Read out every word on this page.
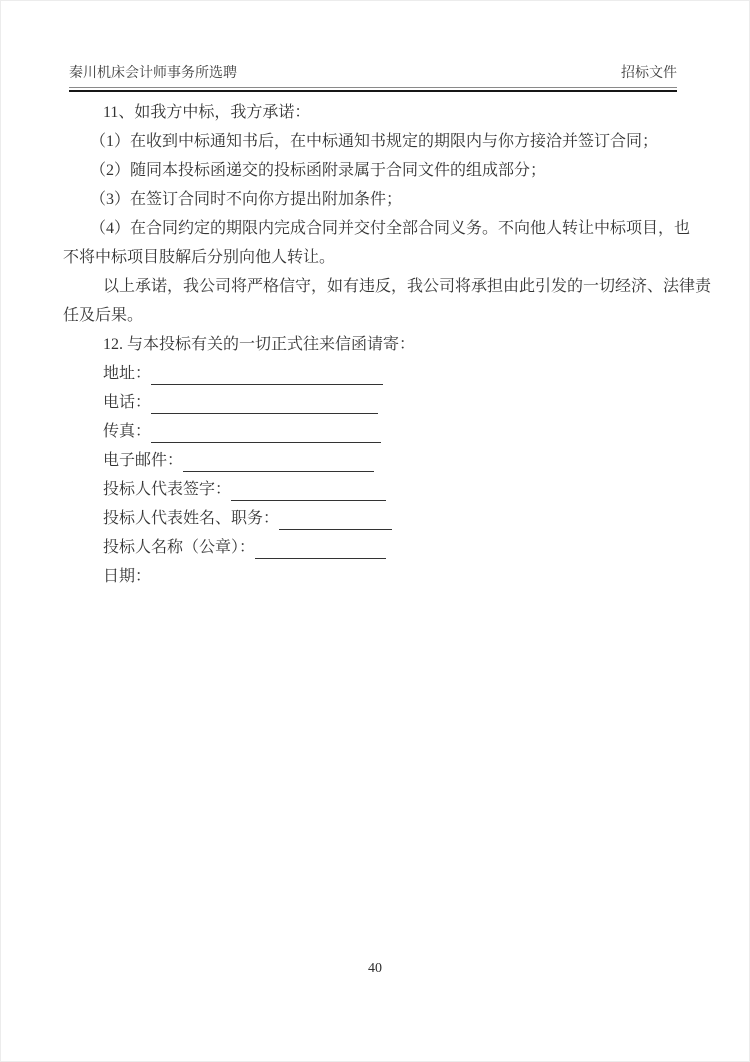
秦川机床会计师事务所选聘	招标文件
11、如我方中标，我方承诺：
（1）在收到中标通知书后，在中标通知书规定的期限内与你方接洽并签订合同；
（2）随同本投标函递交的投标函附录属于合同文件的组成部分；
（3）在签订合同时不向你方提出附加条件；
（4）在合同约定的期限内完成合同并交付全部合同义务。不向他人转让中标项目，也
不将中标项目肢解后分别向他人转让。
以上承诺，我公司将严格信守，如有违反，我公司将承担由此引发的一切经济、法律责
任及后果。
12. 与本投标有关的一切正式往来信函请寄：
地址：
电话：
传真：
电子邮件：
投标人代表签字：
投标人代表姓名、职务：
投标人名称（公章）：
日期：
40
